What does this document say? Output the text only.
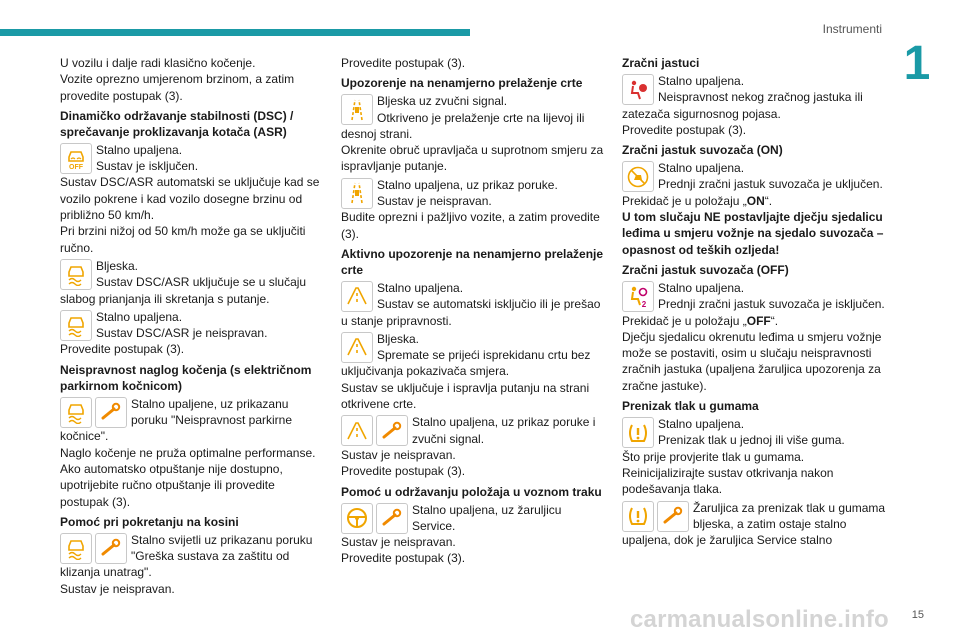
Instrumenti
1

U vozilu i dalje radi klasično kočenje.

Vozite oprezno umjerenom brzinom, a zatim provedite postupak (3).

Dinamičko održavanje stabilnosti (DSC) / sprečavanje proklizavanja kotača (ASR)
OFF

Stalno upaljena.

Sustav je isključen.

Sustav DSC/ASR automatski se uključuje kad se vozilo pokrene i kad vozilo dosegne brzinu od približno 50 km/h.

Pri brzini nižoj od 50 km/h može ga se uključiti ručno.

Bljeska.

Sustav DSC/ASR uključuje se u slučaju slabog prianjanja ili skretanja s putanje.

Stalno upaljena.

Sustav DSC/ASR je neispravan.

Provedite postupak (3).

Neispravnost naglog kočenja (s električnom parkirnom kočnicom)

Stalno upaljene, uz prikazanu poruku "Neispravnost parkirne kočnice".

Naglo kočenje ne pruža optimalne performanse.

Ako automatsko otpuštanje nije dostupno, upotrijebite ručno otpuštanje ili provedite postupak (3).

Pomoć pri pokretanju na kosini

Stalno svijetli uz prikazanu poruku "Greška sustava za zaštitu od klizanja unatrag".

Sustav je neispravan.

Provedite postupak (3).

Upozorenje na nenamjerno prelaženje crte

Bljeska uz zvučni signal.

Otkriveno je prelaženje crte na lijevoj ili desnoj strani.

Okrenite obruč upravljača u suprotnom smjeru za ispravljanje putanje.

Stalno upaljena, uz prikaz poruke.

Sustav je neispravan.

Budite oprezni i pažljivo vozite, a zatim provedite (3).

Aktivno upozorenje na nenamjerno prelaženje crte

Stalno upaljena.

Sustav se automatski isključio ili je prešao u stanje pripravnosti.

Bljeska.

Spremate se prijeći isprekidanu crtu bez uključivanja pokazivača smjera.

Sustav se uključuje i ispravlja putanju na strani otkrivene crte.

Stalno upaljena, uz prikaz poruke i zvučni signal.

Sustav je neispravan.

Provedite postupak (3).

Pomoć u održavanju položaja u voznom traku

Stalno upaljena, uz žaruljicu Service.

Sustav je neispravan.

Provedite postupak (3).

Zračni jastuci

Stalno upaljena.

Neispravnost nekog zračnog jastuka ili zatezača sigurnosnog pojasa.

Provedite postupak (3).

Zračni jastuk suvozača (ON)

Stalno upaljena.

Prednji zračni jastuk suvozača je uključen.

Prekidač je u položaju „ON“.

U tom slučaju NE postavljajte dječju sjedalicu leđima u smjeru vožnje na sjedalo suvozača – opasnost od teških ozljeda!

Zračni jastuk suvozača (OFF)
2

Stalno upaljena.

Prednji zračni jastuk suvozača je isključen.

Prekidač je u položaju „OFF“.

Dječju sjedalicu okrenutu leđima u smjeru vožnje može se postaviti, osim u slučaju neispravnosti zračnih jastuka (upaljena žaruljica upozorenja za zračne jastuke).

Prenizak tlak u gumama

Stalno upaljena.

Prenizak tlak u jednoj ili više guma.

Što prije provjerite tlak u gumama.

Reinicijalizirajte sustav otkrivanja nakon podešavanja tlaka.

Žaruljica za prenizak tlak u gumama bljeska, a zatim ostaje stalno upaljena, dok je žaruljica Service stalno

carmanualsonline.info 15
